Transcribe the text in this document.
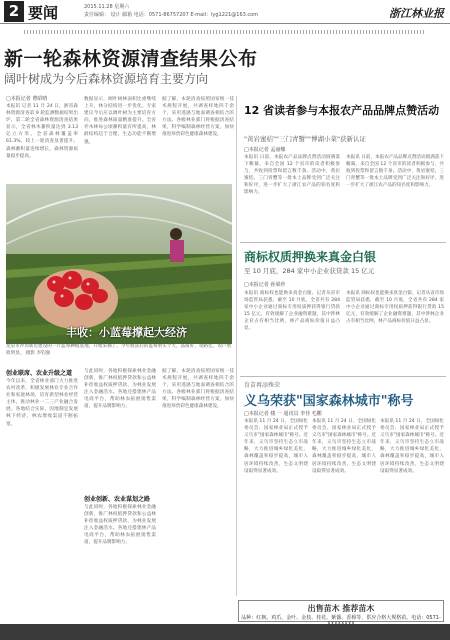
2 要闻	2015.11.28 星期六
责任编辑： 设计 邮箱 电话：0571-86757207 E-mail：lyg1221@163.com	浙江林业报
新一轮森林资源清查结果公布
阔叶树成为今后森林资源培育主要方向
□本报记者 曹昭晴
本报讯 记者 11 月 24 日，浙省森林资源清查第 9 轮监测数据结果出炉，第二轮全省森林资源清查结果显示，全省林木蓄积量达到 3.13 亿立方米，全省森林覆盖率 61.3%，较上一轮清查显著提升。森林蓄积量连续增长，森林资源质量稳步提高。
数据显示，阔叶树林面积比重继续上升，林分结构进一步优化。专家建议今后应以阔叶树为主要培育方向，推进森林质量精准提升。全省乔木林每公顷蓄积量有所提高，林龄结构趋于合理，生态功能不断增强。
据了解，本轮清查按照国家统一技术规程开展，共调查样地四千余个，采用遥感与地面调查相结合的方法。各级林业部门将根据清查结果，科学编制森林经营方案，加快推进珍贵彩色健康森林建设。
丰收：小蓝莓撑起大经济
龙泉市沙湾新近建设的一片蓝莓种植基地，开始采摘了。今年收获后的蓝莓果实个大，品质好，销路佳，农户增收明显。 摄影 李钧强
创业联席、农业升级之道
今年以来，全省林业部门大力推进农村改革，积极发展林业专业合作社和家庭林场，培育新型林业经营主体，推动林业一二三产业融合发展。各地结合实际，因地制宜发展林下经济，林农增收渠道不断拓宽。
与此同时，各地积极探索林业金融创新，推广林权抵押贷款和公益林补偿收益权质押贷款，为林业发展注入金融活水。各地还搭建林产品电商平台，帮助林农拓展销售渠道，提升品牌影响力。
创业创新、农业谋划之路
与此同时，各地积极探索林业金融创新，推广林权抵押贷款和公益林补偿收益权质押贷款，为林业发展注入金融活水。各地还搭建林产品电商平台，帮助林农拓展销售渠道，提升品牌影响力。
据了解，本轮清查按照国家统一技术规程开展，共调查样地四千余个，采用遥感与地面调查相结合的方法。各级林业部门将根据清查结果，科学编制森林经营方案，加快推进珍贵彩色健康森林建设。
12 省读者参与本报农产品品牌点赞活动
"黄岩蜜桔""三门青蟹""博湖小菜"获新认证
□本报记者 孟丽娜
本报讯 日前，本报农产品品牌点赞活动圆满落下帷幕，来自全国 12 个省市的读者积极参与，共收到投票和留言数千条。活动中，黄岩蜜桔、三门青蟹等一批本土品牌受到广泛关注和好评，进一步扩大了浙江农产品的知名度和影响力。
本报讯 日前，本报农产品品牌点赞活动圆满落下帷幕，来自全国 12 个省市的读者积极参与，共收到投票和留言数千条。活动中，黄岩蜜桔、三门青蟹等一批本土品牌受到广泛关注和好评，进一步扩大了浙江农产品的知名度和影响力。
商标权质押换来真金白银
至 10 月底，284 家中小企业获贷款 15 亿元
□本报记者 孙梁珍
本报讯 商标权也能换来真金白银。记者从省市场监管局获悉，截至 10 月底，全省共有 284 家中小企业通过商标专用权质押获得银行贷款 15 亿元，有效缓解了企业融资难题，其中涉林企业占有相当比例，林产品商标价值日益凸显。
本报讯 商标权也能换来真金白银。记者从省市场监管局获悉，截至 10 月底，全省共有 284 家中小企业通过商标专用权质押获得银行贷款 15 亿元，有效缓解了企业融资难题，其中涉林企业占有相当比例，林产品商标价值日益凸显。
育苗再添殊荣
义乌荣获"国家森林城市"称号
□本报记者 楼 一 通讯员 李佳 毛鹏
本报讯 11 月 24 日，全国绿化委员会、国家林业局正式授予义乌市"国家森林城市"称号。近年来，义乌市坚持生态立市战略，大力推进城乡绿化美化，森林覆盖率稳步提高，城市人居环境持续改善，生态文明建设取得显著成效。
本报讯 11 月 24 日，全国绿化委员会、国家林业局正式授予义乌市"国家森林城市"称号。近年来，义乌市坚持生态立市战略，大力推进城乡绿化美化，森林覆盖率稳步提高，城市人居环境持续改善，生态文明建设取得显著成效。
本报讯 11 月 24 日，全国绿化委员会、国家林业局正式授予义乌市"国家森林城市"称号。近年来，义乌市坚持生态立市战略，大力推进城乡绿化美化，森林覆盖率稳步提高，城市人居环境持续改善，生态文明建设取得显著成效。
出售苗木 推荐苗木
品种：红枫、鸡爪、金叶、金枝、桂花、紫薇、香樟等，供应合格大规格苗。电话：0571-
